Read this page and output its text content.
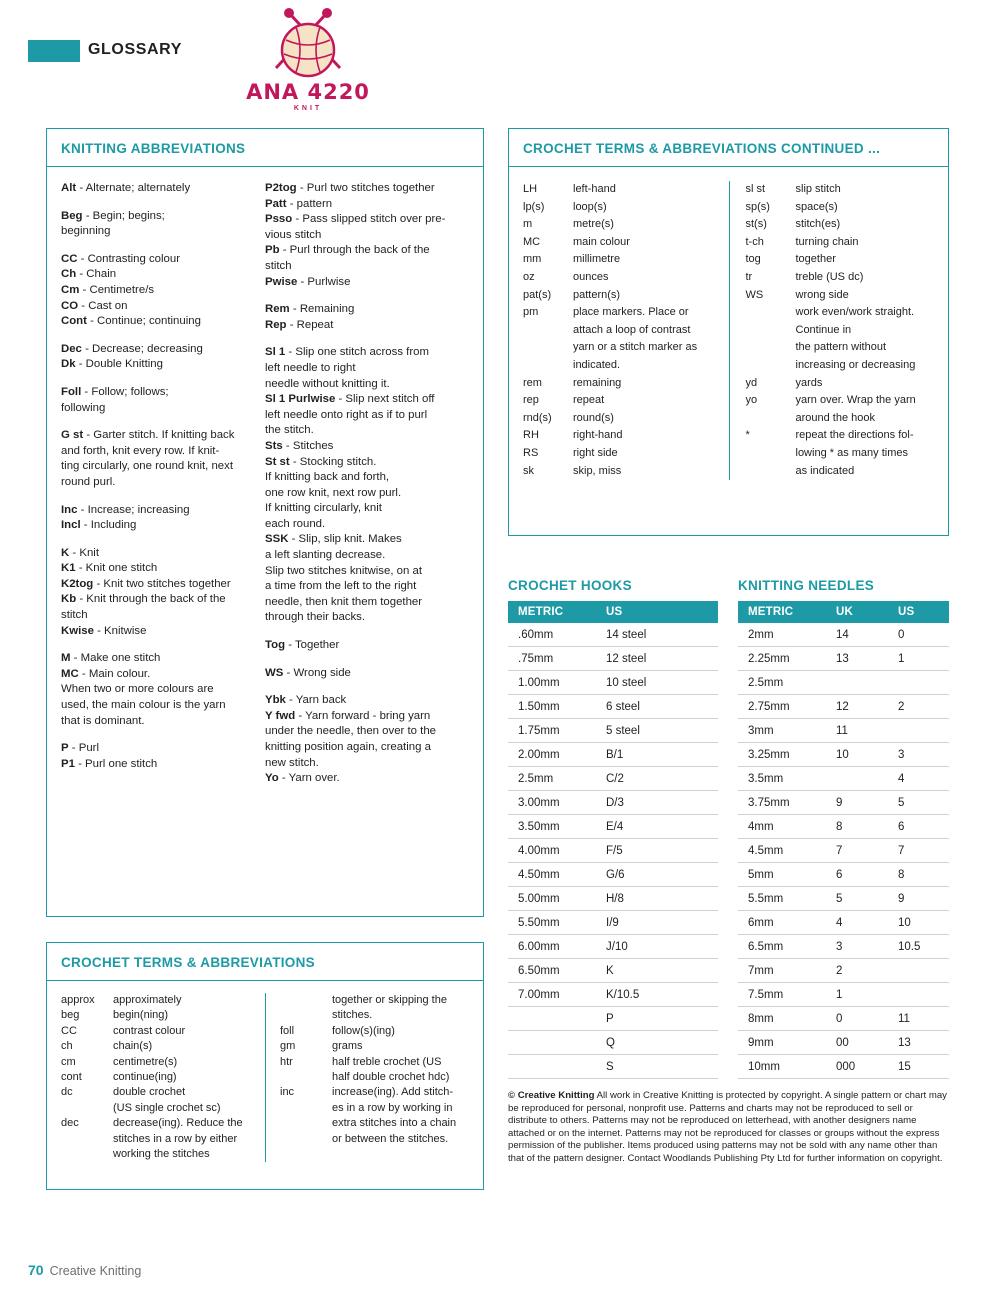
GLOSSARY
ANA 4220
KNIT
KNITTING ABBREVIATIONS

Alt - Alternate; alternately

Beg - Begin; begins;

beginning

CC - Contrasting colour

Ch - Chain

Cm - Centimetre/s

CO - Cast on

Cont - Continue; continuing

Dec - Decrease; decreasing

Dk - Double Knitting

Foll - Follow; follows;

following

G st - Garter stitch. If knitting back

and forth, knit every row. If knit-

ting circularly, one round knit, next

round purl.

Inc - Increase; increasing

Incl - Including

K - Knit

K1 - Knit one stitch

K2tog - Knit two stitches together

Kb - Knit through the back of the

stitch

Kwise - Knitwise

M - Make one stitch

MC - Main colour.

When two or more colours are

used, the main colour is the yarn

that is dominant.

P - Purl

P1 - Purl one stitch

P2tog - Purl two stitches together

Patt - pattern

Psso - Pass slipped stitch over pre-

vious stitch

Pb - Purl through the back of the

stitch

Pwise - Purlwise

Rem - Remaining

Rep - Repeat

Sl 1 - Slip one stitch across from

left needle to right

needle without knitting it.

Sl 1 Purlwise - Slip next stitch off

left needle onto right as if to purl

the stitch.

Sts - Stitches

St st - Stocking stitch.

If knitting back and forth,

one row knit, next row purl.

If knitting circularly, knit

each round.

SSK - Slip, slip knit. Makes

a left slanting decrease.

Slip two stitches knitwise, on at

a time from the left to the right

needle, then knit them together

through their backs.

Tog - Together

WS - Wrong side

Ybk - Yarn back

Y fwd - Yarn forward - bring yarn

under the needle, then over to the

knitting position again, creating a

new stitch.

Yo - Yarn over.

CROCHET TERMS & ABBREVIATIONS
approx	approximately
beg	begin(ning)
CC	contrast colour
ch	chain(s)
cm	centimetre(s)
cont	continue(ing)
dc	double crochet
(US single crochet sc)
dec	decrease(ing). Reduce the
stitches in a row by either
working the stitches
together or skipping the
stitches.
foll	follow(s)(ing)
gm	grams
htr	half treble crochet (US
half double crochet hdc)
inc	increase(ing). Add stitch-
es in a row by working in
extra stitches into a chain
or between the stitches.
CROCHET TERMS & ABBREVIATIONS CONTINUED ...
LH	left-hand
lp(s)	loop(s)
m	metre(s)
MC	main colour
mm	millimetre
oz	ounces
pat(s)	pattern(s)
pm	place markers. Place or
attach a loop of contrast
yarn or a stitch marker as
indicated.
rem	remaining
rep	repeat
rnd(s)	round(s)
RH	right-hand
RS	right side
sk	skip, miss
sl st	slip stitch
sp(s)	space(s)
st(s)	stitch(es)
t-ch	turning chain
tog	together
tr	treble (US dc)
WS	wrong side
work even/work straight.
Continue in
the pattern without
increasing or decreasing
yd	yards
yo	yarn over. Wrap the yarn
around the hook
*	repeat the directions fol-
lowing * as many times
as indicated
CROCHET HOOKS
METRIC	US
.60mm	14 steel
.75mm	12 steel
1.00mm	10 steel
1.50mm	6 steel
1.75mm	5 steel
2.00mm	B/1
2.5mm	C/2
3.00mm	D/3
3.50mm	E/4
4.00mm	F/5
4.50mm	G/6
5.00mm	H/8
5.50mm	I/9
6.00mm	J/10
6.50mm	K
7.00mm	K/10.5
	P
	Q
	S
KNITTING NEEDLES
METRIC	UK	US
2mm	14	0
2.25mm	13	1
2.5mm		
2.75mm	12	2
3mm	11	
3.25mm	10	3
3.5mm		4
3.75mm	9	5
4mm	8	6
4.5mm	7	7
5mm	6	8
5.5mm	5	9
6mm	4	10
6.5mm	3	10.5
7mm	2	
7.5mm	1	
8mm	0	11
9mm	00	13
10mm	000	15
© Creative Knitting All work in Creative Knitting is protected by copyright. A single pattern or chart may be reproduced for personal, nonprofit use. Patterns and charts may not be reproduced to sell or distribute to others. Patterns may not be reproduced on letterhead, with another designers name attached or on the internet. Patterns may not be reproduced for classes or groups without the express permission of the publisher. Items produced using patterns may not be sold with any name other than that of the pattern designer. Contact Woodlands Publishing Pty Ltd for further information on copyright.
70 Creative Knitting
